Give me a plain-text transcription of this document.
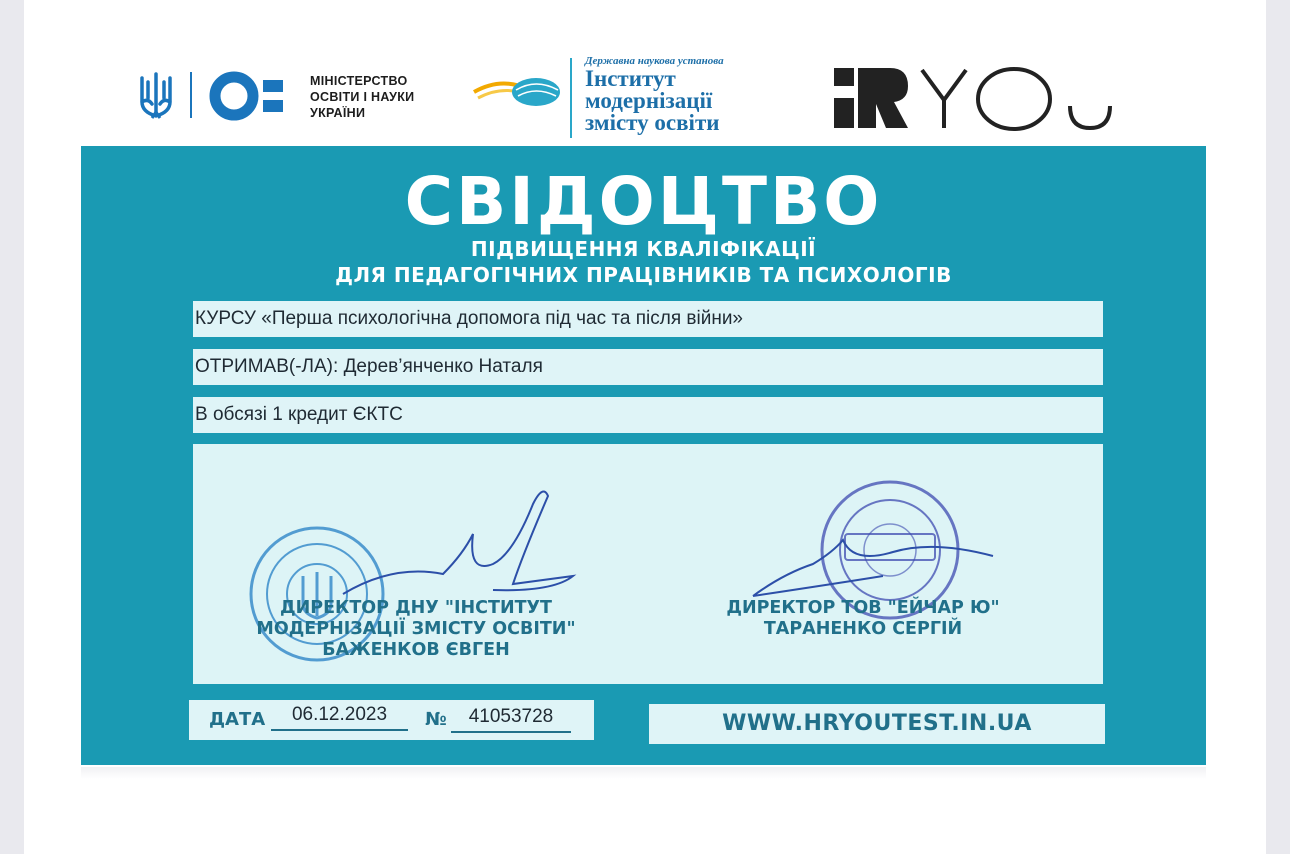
МІНІСТЕРСТВО
ОСВІТИ І НАУКИ
УКРАЇНИ
Державна наукова установа
Інститут
модернізації
змісту освіти
СВІДОЦТВО
ПІДВИЩЕННЯ КВАЛІФІКАЦІЇ
ДЛЯ ПЕДАГОГІЧНИХ ПРАЦІВНИКІВ ТА ПСИХОЛОГІВ
КУРСУ «Перша психологічна допомога під час та після війни»
ОТРИМАВ(-ЛА): Дерев’янченко Наталя
В обсязі 1 кредит ЄКТС
ДИРЕКТОР ДНУ "ІНСТИТУТ
МОДЕРНІЗАЦІЇ ЗМІСТУ ОСВІТИ"
БАЖЕНКОВ ЄВГЕН
ДИРЕКТОР ТОВ "ЕЙЧАР Ю"
ТАРАНЕНКО СЕРГІЙ
ДАТА	06.12.2023	№	41053728	WWW.HRYOUTEST.IN.UA
